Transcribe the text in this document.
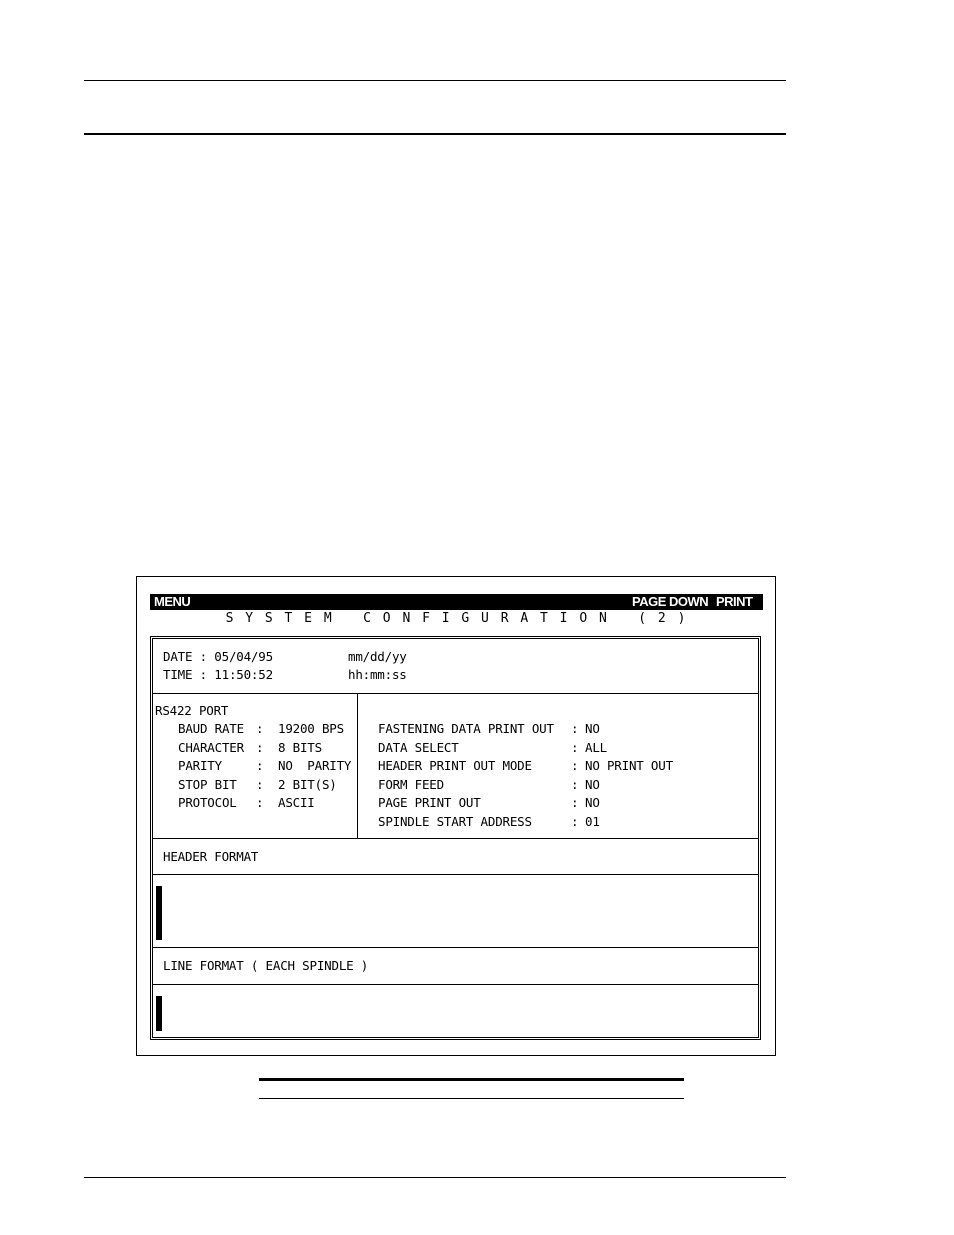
MENU	PAGE DOWN PRINT
S Y S T E M   C O N F I G U R A T I O N   ( 2 )
DATE : 05/04/95	mm/dd/yy
TIME : 11:50:52	hh:mm:ss
RS422 PORT
BAUD RATE : 19200 BPS
CHARACTER : 8 BITS
PARITY	: NO  PARITY
STOP BIT : 2 BIT(S)
PROTOCOL : ASCII
FASTENING DATA PRINT OUT : NO
DATA SELECT	: ALL
HEADER PRINT OUT MODE	: NO PRINT OUT
FORM FEED	: NO
PAGE PRINT OUT	: NO
SPINDLE START ADDRESS	: 01
HEADER FORMAT
LINE FORMAT ( EACH SPINDLE )
